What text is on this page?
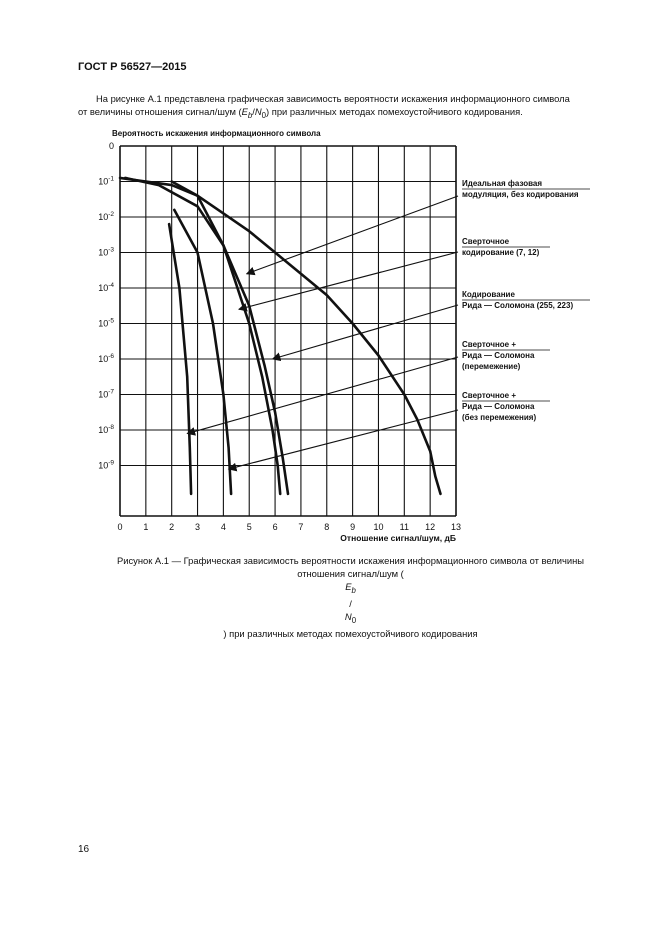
ГОСТ Р 56527—2015
На рисунке А.1 представлена графическая зависимость вероятности искажения информационного символа
от величины отношения сигнал/шум $(E_b/N_0)$ при различных методах помехоустойчивого кодирования.
Вероятность искажения информационного символа
Отношение сигнал/шум, дБ
0 1 2 3 4 5 6 7 8 9 10 11 12 13
0
$10^{-1}$
$10^{-2}$
$10^{-3}$
$10^{-4}$
$10^{-5}$
$10^{-6}$
$10^{-7}$
$10^{-8}$
$10^{-9}$
Идеальная фазовая
модуляция, без кодирования
Сверточное
кодирование (7, 12)
Кодирование
Рида — Соломона (255, 223)
Сверточное +
Рида — Соломона
(перемежение)
Сверточное +
Рида — Соломона
(без перемежения)
Рисунок А.1 — Графическая зависимость вероятности искажения информационного символа от величины
отношения сигнал/шум (
$E_b$
/
$N_0$
) при различных методах помехоустойчивого кодирования
16
